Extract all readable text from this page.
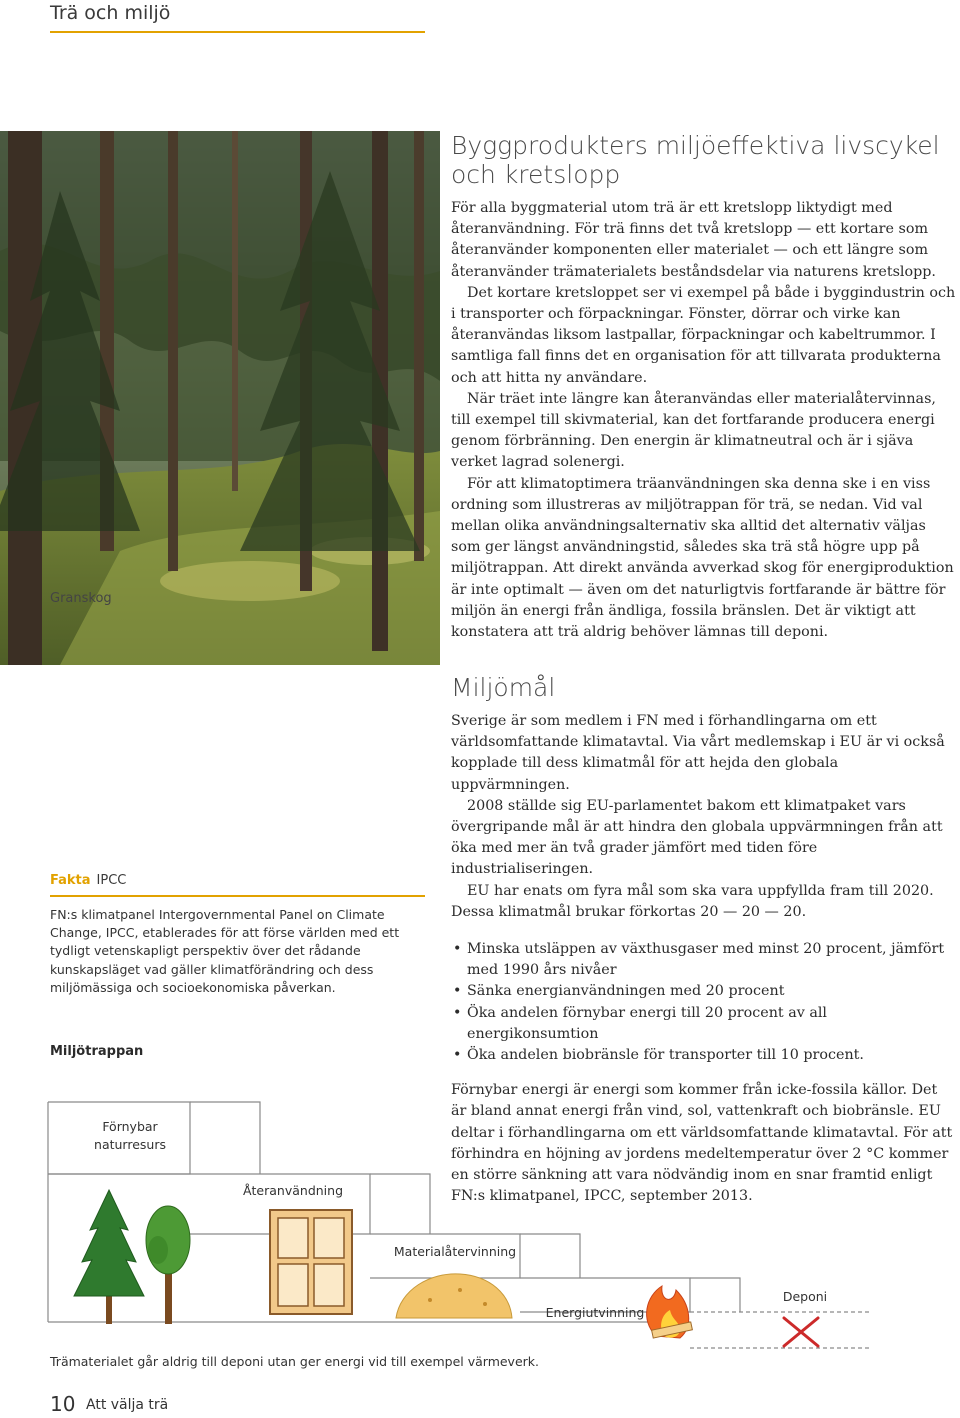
Trä och miljö
Granskog
Byggprodukters miljöeffektiva livscykel och kretslopp

För alla byggmaterial utom trä är ett kretslopp liktydigt med återanvändning. För trä finns det två kretslopp — ett kortare som återanvänder komponenten eller materialet — och ett längre som återanvänder trämaterialets beståndsdelar via naturens kretslopp.

Det kortare kretsloppet ser vi exempel på både i byggindustrin och i transporter och förpackningar. Fönster, dörrar och virke kan återanvändas liksom lastpallar, förpackningar och kabeltrummor. I samtliga fall finns det en organisation för att tillvarata produkterna och att hitta ny användare.

När träet inte längre kan återanvändas eller materialåtervinnas, till exempel till skivmaterial, kan det fortfarande producera energi genom förbränning. Den energin är klimatneutral och är i sjäva verket lagrad solenergi.

För att klimatoptimera träanvändningen ska denna ske i en viss ordning som illustreras av miljötrappan för trä, se nedan. Vid val mellan olika användningsalternativ ska alltid det alternativ väljas som ger längst användningstid, således ska trä stå högre upp på miljötrappan. Att direkt använda avverkad skog för energiproduktion är inte optimalt — även om det naturligtvis fortfarande är bättre för miljön än energi från ändliga, fossila bränslen. Det är viktigt att konstatera att trä aldrig behöver lämnas till deponi.

Miljömål

Sverige är som medlem i FN med i förhandlingarna om ett världsomfattande klimatavtal. Via vårt medlemskap i EU är vi också kopplade till dess klimatmål för att hejda den globala uppvärmningen.

2008 ställde sig EU-parlamentet bakom ett klimatpaket vars övergripande mål är att hindra den globala uppvärmningen från att öka med mer än två grader jämfört med tiden före industrialiseringen.

EU har enats om fyra mål som ska vara uppfyllda fram till 2020. Dessa klimatmål brukar förkortas 20 — 20 — 20.

• Minska utsläppen av växthusgaser med minst 20 procent, jämfört med 1990 års nivåer
• Sänka energianvändningen med 20 procent
• Öka andelen förnybar energi till 20 procent av all energikonsumtion
• Öka andelen biobränsle för transporter till 10 procent.

Förnybar energi är energi som kommer från icke-fossila källor. Det är bland annat energi från vind, sol, vattenkraft och biobränsle. EU deltar i förhandlingarna om ett världsomfattande klimatavtal. För att förhindra en höjning av jordens medeltemperatur över 2 °C kommer en större sänkning att vara nödvändig inom en snar framtid enligt FN:s klimatpanel, IPCC, september 2013.

Fakta IPCC
FN:s klimatpanel Intergovernmental Panel on Climate Change, IPCC, etablerades för att förse världen med ett tydligt vetenskapligt perspektiv över det rådande kunskapsläget vad gäller klimatförändring och dess miljömässiga och socioekonomiska påverkan.
Miljötrappan
Förnybar naturresurs
Återanvändning
Materialåtervinning
Energiutvinning
Deponi
Trämaterialet går aldrig till deponi utan ger energi vid till exempel värmeverk.
10 Att välja trä
